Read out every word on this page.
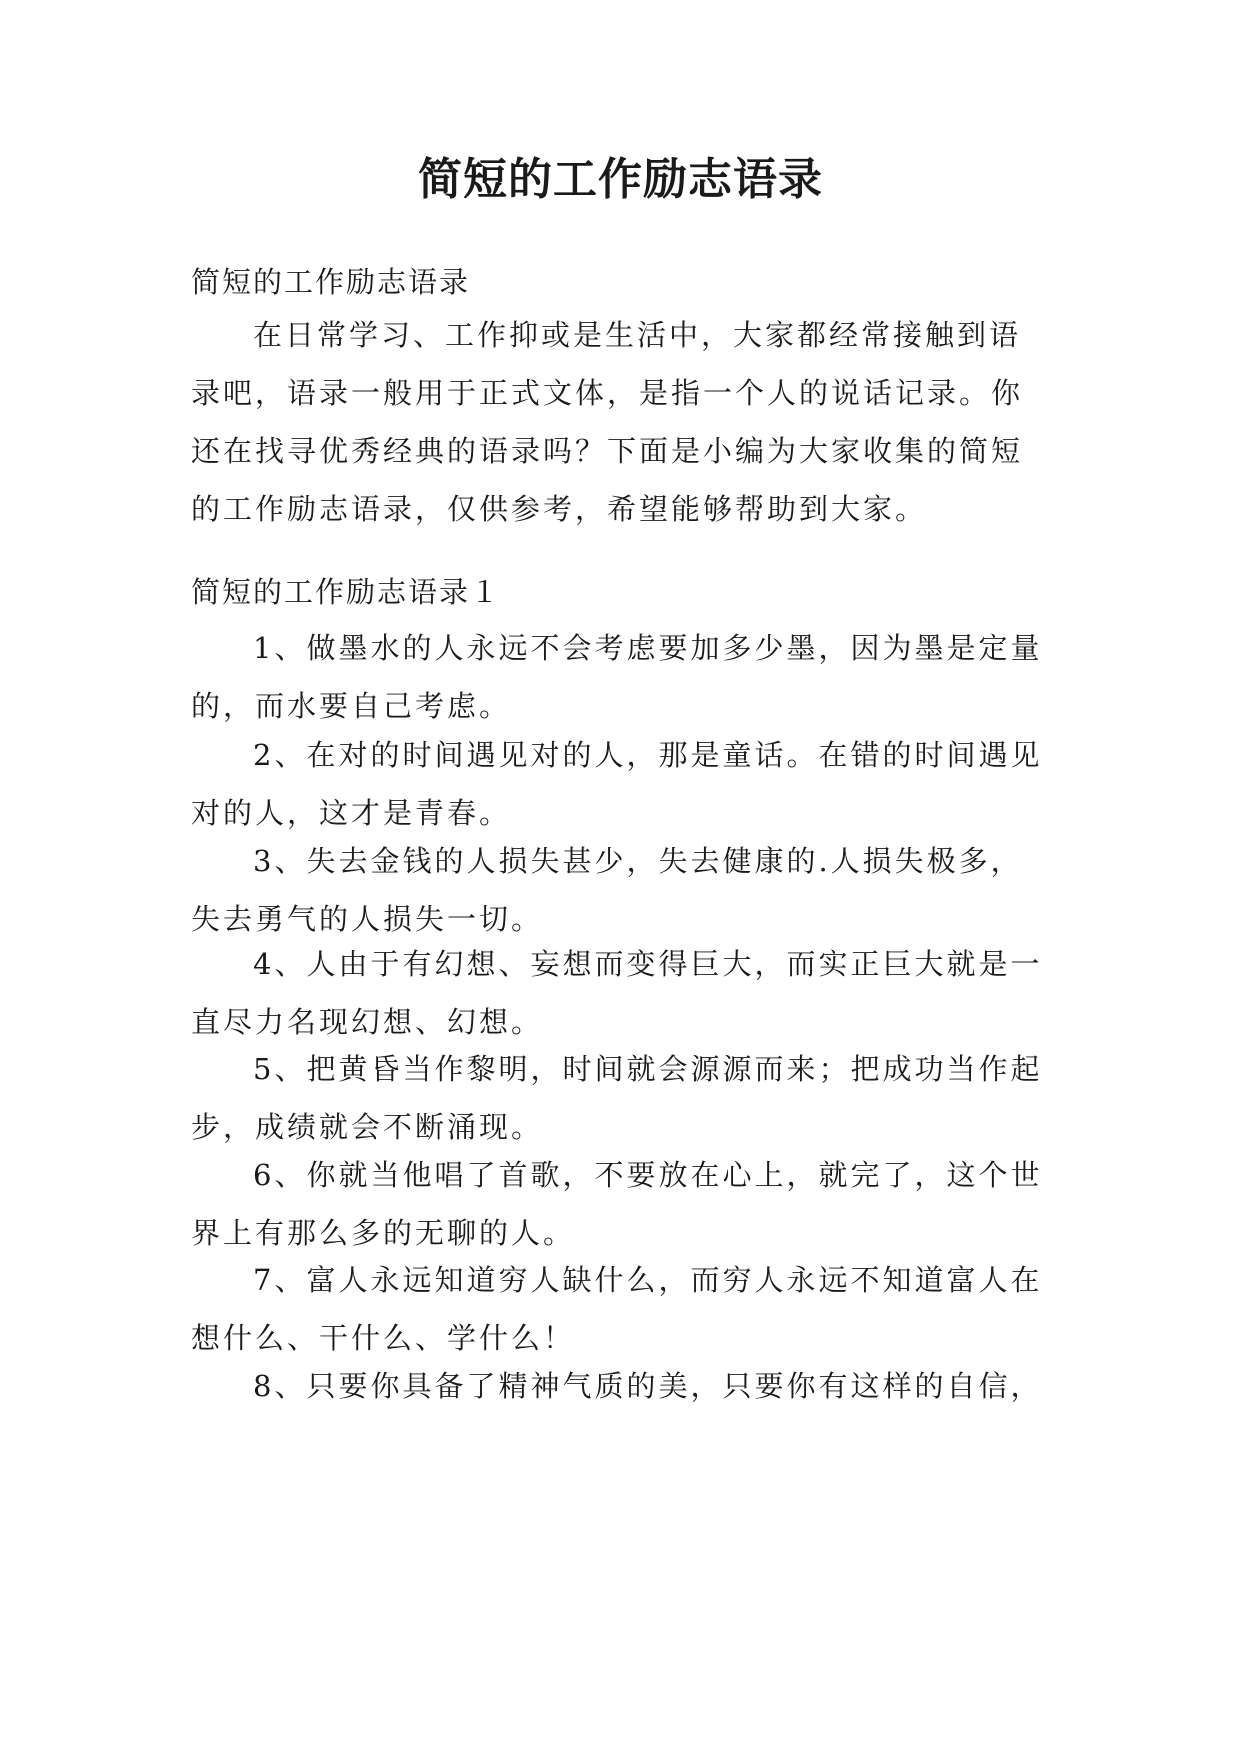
简短的工作励志语录

简短的工作励志语录

在日常学习、工作抑或是生活中，大家都经常接触到语录吧，语录一般用于正式文体，是指一个人的说话记录。你还在找寻优秀经典的语录吗？下面是小编为大家收集的简短的工作励志语录，仅供参考，希望能够帮助到大家。

简短的工作励志语录１

1、做墨水的人永远不会考虑要加多少墨，因为墨是定量的，而水要自己考虑。

2、在对的时间遇见对的人，那是童话。在错的时间遇见对的人，这才是青春。

3、失去金钱的人损失甚少，失去健康的.人损失极多，失去勇气的人损失一切。

4、人由于有幻想、妄想而变得巨大，而实正巨大就是一直尽力名现幻想、幻想。

5、把黄昏当作黎明，时间就会源源而来；把成功当作起步，成绩就会不断涌现。

6、你就当他唱了首歌，不要放在心上，就完了，这个世界上有那么多的无聊的人。

7、富人永远知道穷人缺什么，而穷人永远不知道富人在想什么、干什么、学什么！

8、只要你具备了精神气质的美，只要你有这样的自信，
